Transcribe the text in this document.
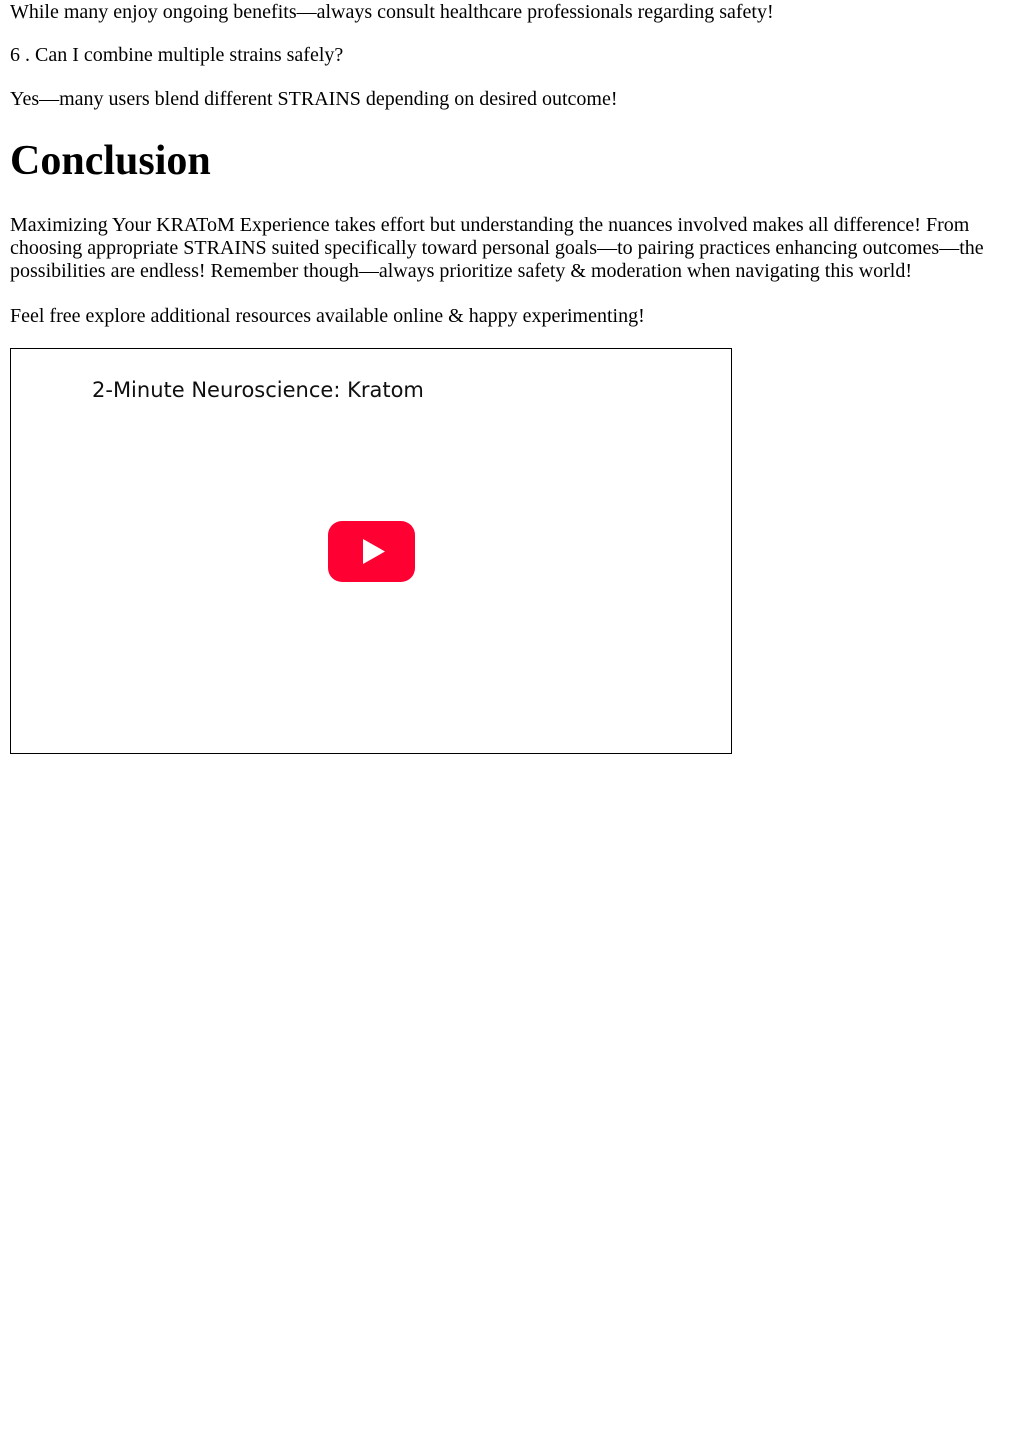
While many enjoy ongoing benefits—always consult healthcare professionals regarding safety!

6 . Can I combine multiple strains safely?

Yes—many users blend different STRAINS depending on desired outcome!

Conclusion

Maximizing Your KRAToM Experience takes effort but understanding the nuances involved makes all difference! From choosing appropriate STRAINS suited specifically toward personal goals—to pairing practices enhancing outcomes—the possibilities are endless! Remember though—always prioritize safety & moderation when navigating this world!

Feel free explore additional resources available online & happy experimenting!

2-Minute Neuroscience: Kratom
